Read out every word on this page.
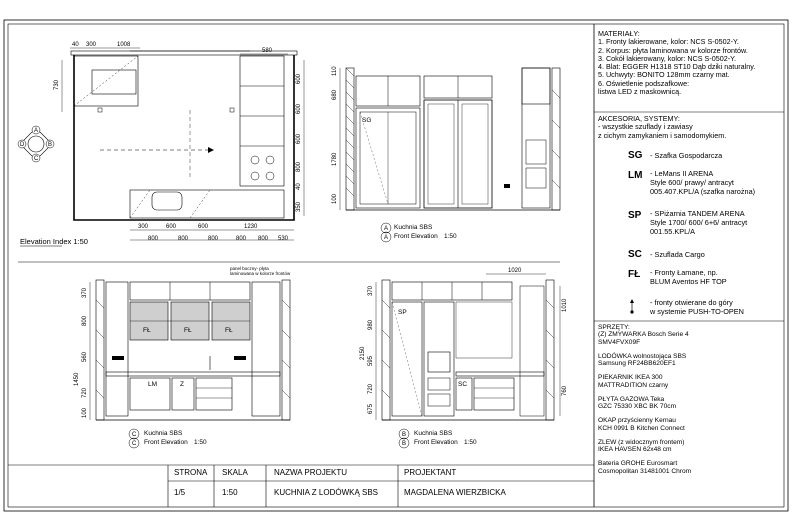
40 300	1008
580
730
600
600
600
800
40
350
300	600	600	1230
800	800	800	800 800 530
A
B
C
D
Elevation Index 1:50
SG
110
680
1780
100
A
A
Kuchnia SBS
Front Elevation 1:50
FŁ	FŁ	FŁ
LM	Z
panel boczny- płyta
laminowana w kolorze frontów
370
800
560
720
100
1450
C
C
Kuchnia SBS
Front Elevation 1:50
SP
SC
1020
370
980
595
720
675
2150
1010
760
B
B
Kuchnia SBS
Front Elevation 1:50
MATERIAŁY:
1. Fronty lakierowane, kolor: NCS S-0502-Y.
2. Korpus: płyta laminowana w kolorze frontów.
3. Cokół lakierowany, kolor: NCS S-0502-Y.
4. Blat: EGGER H1318 ST10 Dąb dziki naturalny.
5. Uchwyty: BONITO 128mm czarny mat.
6. Oświetlenie podszafkowe:
listwa LED z maskownicą.
AKCESORIA, SYSTEMY:
- wszystkie szuflady i zawiasy
z cichym zamykaniem i samodomykiem.
SG - Szafka Gospodarcza
LM - LeMans II ARENA
Style 600/ prawy/ antracyt
005.407.KPL/A (szafka narożna)
SP - SPiżarnia TANDEM ARENA
Style 1700/ 600/ 6+6/ antracyt
001.55.KPL/A
SC - Szuflada Cargo
FŁ - Fronty Łamane, np.
BLUM Aventos HF TOP
- fronty otwierane do góry
w systemie PUSH-TO-OPEN
SPRZĘTY:
(Z) ZMYWARKA Bosch Serie 4
SMV4FVX09F
LODÓWKA wolnostojąca SBS
Samsung RF24BB620EF1
PIEKARNIK IKEA 300
MATTRADITION czarny
PŁYTA GAZOWA Teka
GZC 75330 XBC BK 70cm
OKAP przyścienny Kernau
KCH 0991 B Kitchen Connect
ZLEW (z widocznym frontem)
IKEA HAVSEN 62x48 cm
Bateria GROHE Eurosmart
Cosmopolitan 31481001 Chrom
STRONA SKALA	NAZWA PROJEKTU	PROJEKTANT
1/5	1:50	KUCHNIA Z LODÓWKĄ SBS	MAGDALENA WIERZBICKA
